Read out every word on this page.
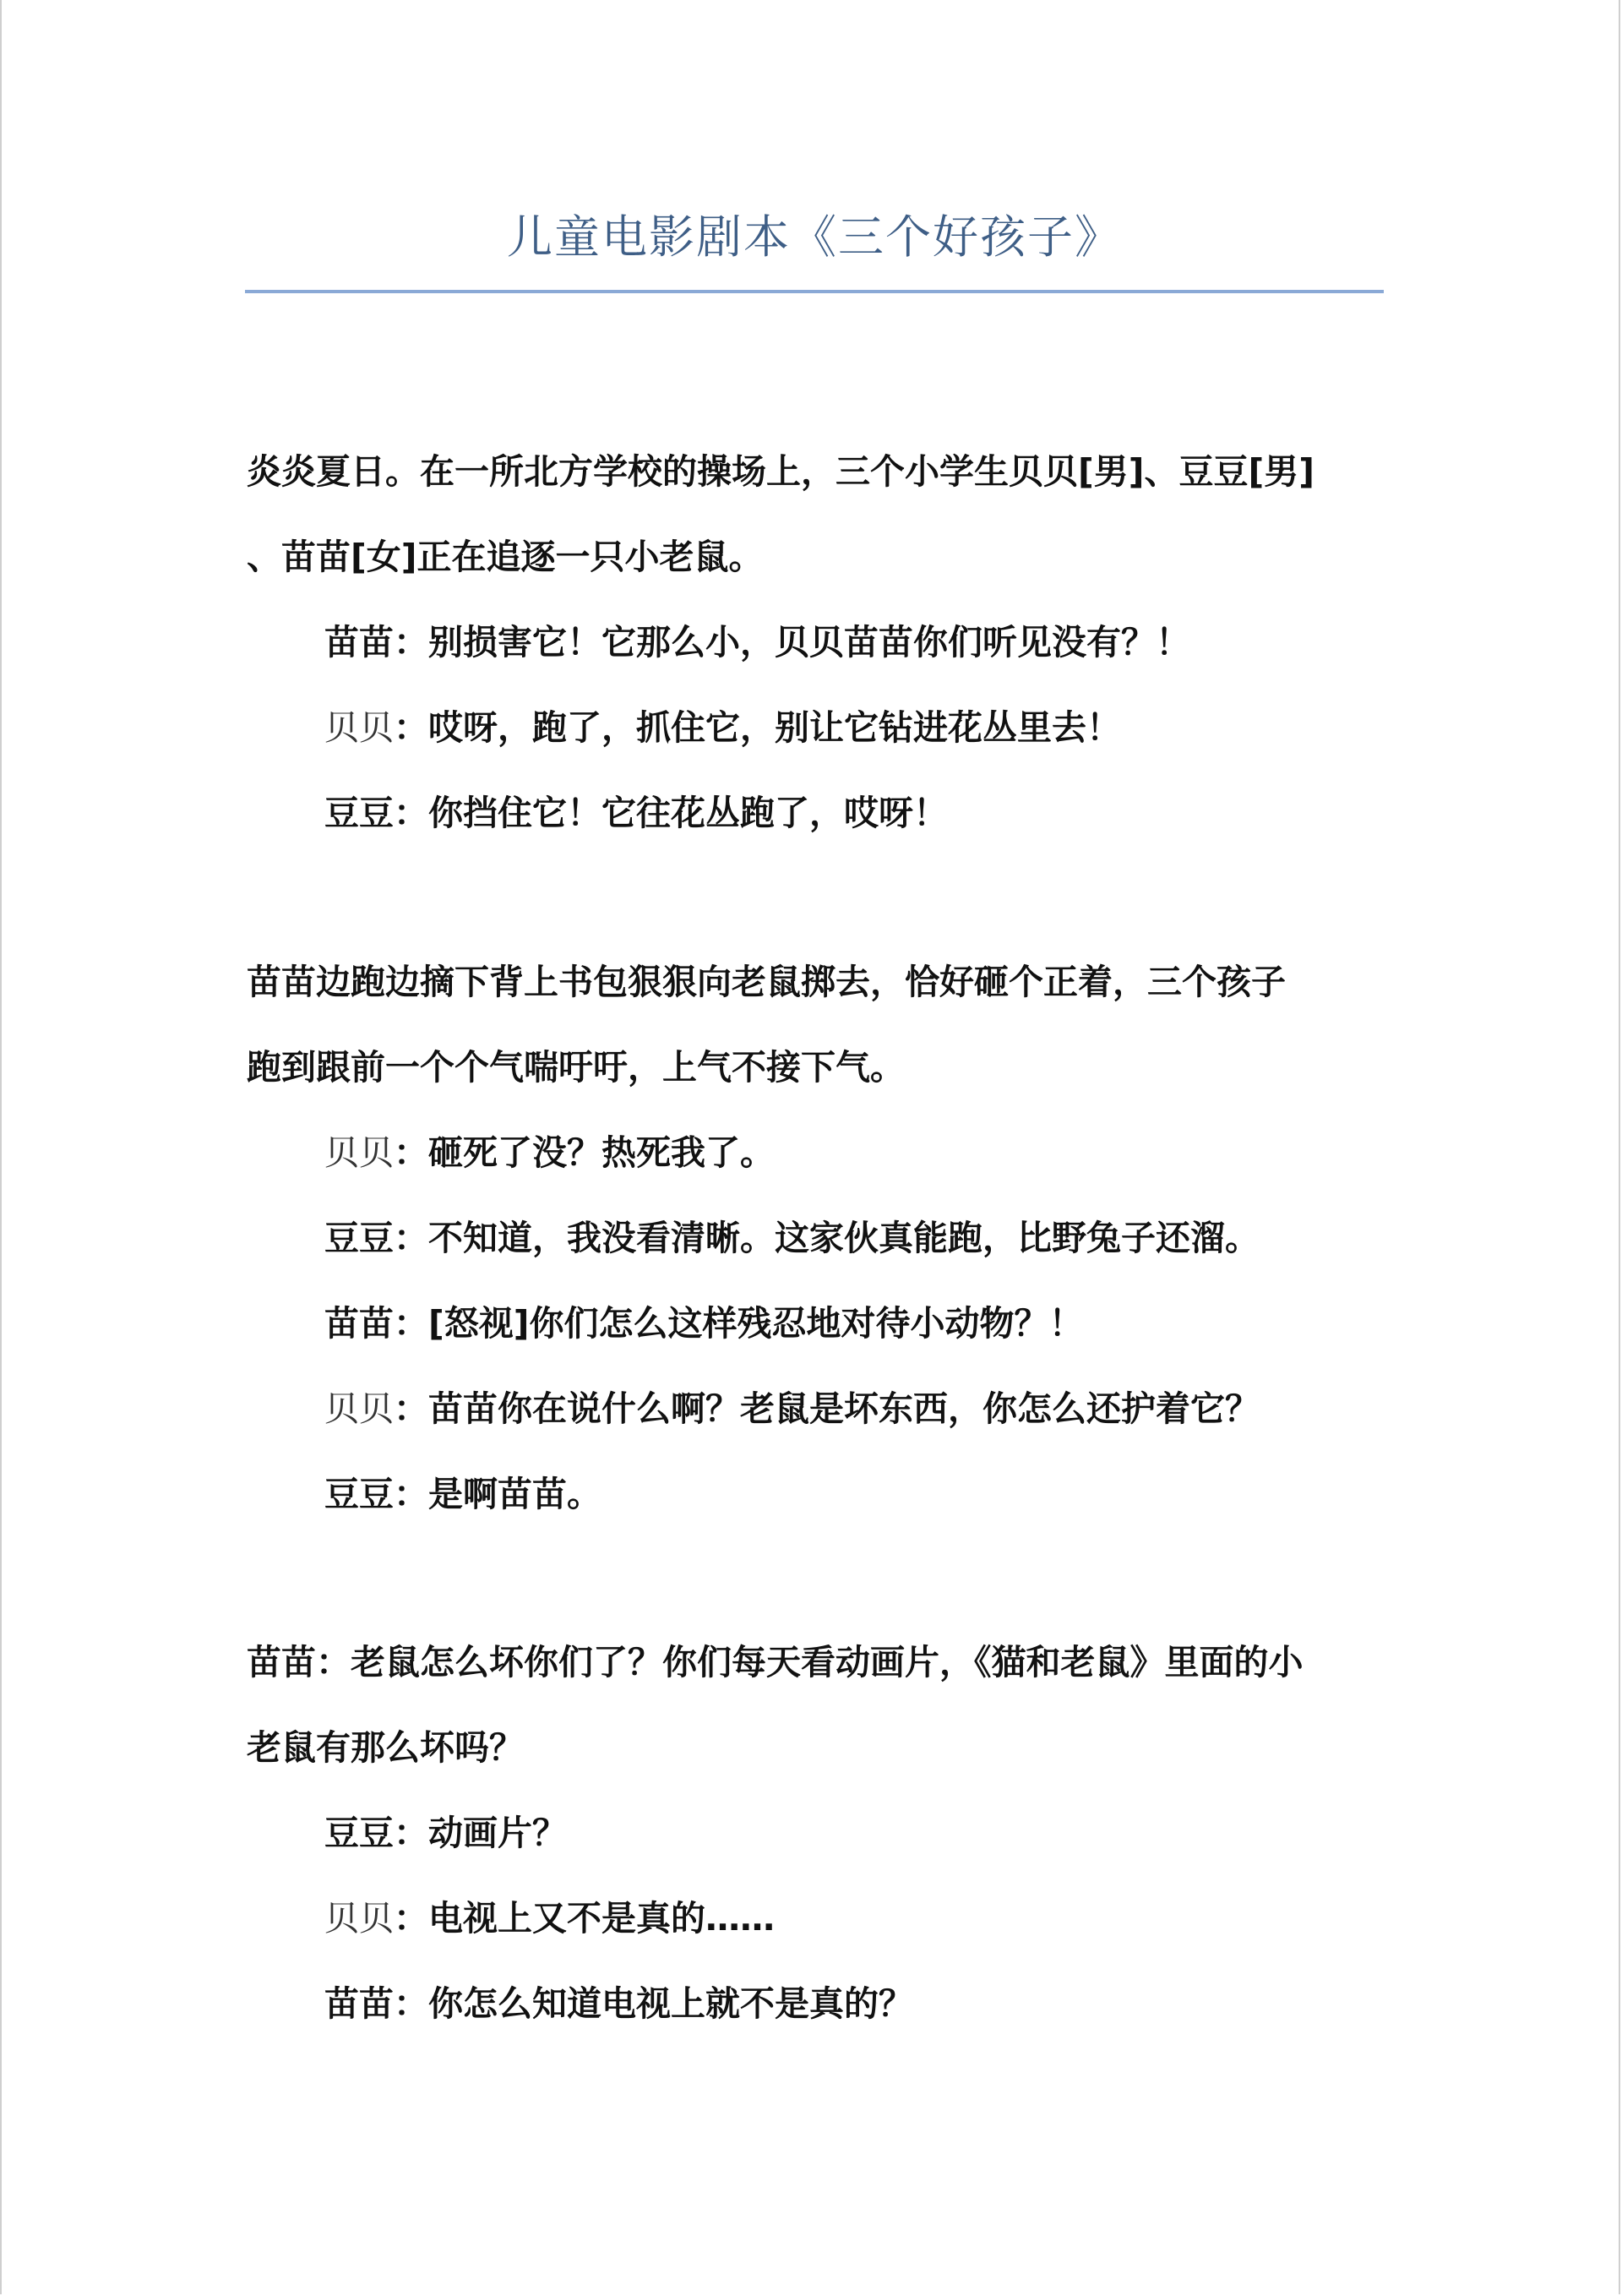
儿童电影剧本《三个好孩子》
炎炎夏日。在一所北方学校的操场上，三个小学生贝贝[男]、豆豆[男]
、苗苗[女]正在追逐一只小老鼠。
苗苗：别损害它！它那么小，贝贝苗苗你们听见没有？！
贝贝：哎呀，跑了，抓住它，别让它钻进花丛里去！
豆豆：你挡住它！它往花丛跑了，哎呀！
苗苗边跑边摘下背上书包狠狠向老鼠掷去，恰好砸个正着，三个孩子
跑到跟前一个个气喘吁吁，上气不接下气。
贝贝：砸死了没？热死我了。
豆豆：不知道，我没看清晰。这家伙真能跑，比野兔子还溜。
苗苗：[怒视]你们怎么这样残忍地对待小动物？！
贝贝：苗苗你在说什么啊？老鼠是坏东西，你怎么还护着它？
豆豆：是啊苗苗。
苗苗：老鼠怎么坏你们了？你们每天看动画片，《猫和老鼠》里面的小
老鼠有那么坏吗？
豆豆：动画片？
贝贝：电视上又不是真的……
苗苗：你怎么知道电视上就不是真的？
